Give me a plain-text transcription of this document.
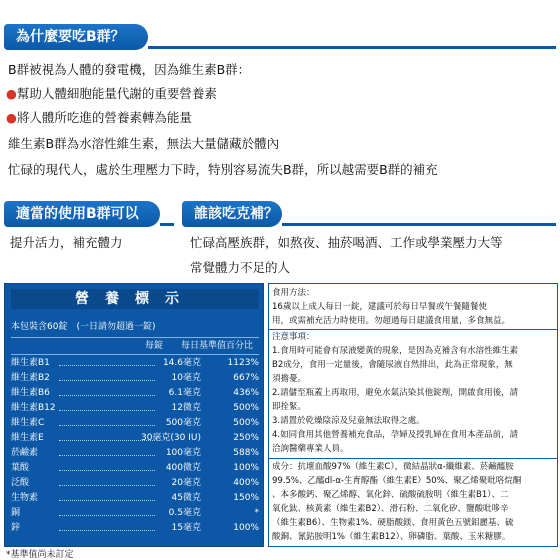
為什麼要吃B群？
B群被視為人體的發電機，因為維生素B群：
●幫助人體細胞能量代謝的重要營養素
●將人體所吃進的營養素轉為能量
維生素B群為水溶性維生素，無法大量儲藏於體內
忙碌的現代人，處於生理壓力下時，特別容易流失B群，所以越需要B群的補充
適當的使用B群可以
提升活力，補充體力
誰該吃克補？
忙碌高壓族群，如熬夜、抽菸喝酒、工作或學業壓力大等
常覺體力不足的人
營養標示
本包裝含60錠　(一日請勿超過一錠)
每錠 每日基準值百分比
維生素B1	14.6毫克	1123%
維生素B2	10毫克	667%
維生素B6	6.1毫克	436%
維生素B12	12微克	500%
維生素C	500毫克	500%
維生素E	30毫克(30 IU)	250%
菸鹼素	100毫克	588%
葉酸	400微克	100%
泛酸	20毫克	400%
生物素	45微克	150%
銅	0.5毫克	*
鋅	15毫克	100%
*基準值尚未訂定
食用方法：
16歲以上成人每日一錠，建議可於每日早餐或午餐隨餐使
用，或需補充活力時使用。勿超過每日建議食用量，多食無益。
注意事項：
1.食用時可能會有尿液變黃的現象，是因為克補含有水溶性維生素
B2成分，食用一定量後，會隨尿液自然排出，此為正常現象，無
須擔憂。
2.請儲至瓶蓋上再取用，避免水氣沾染其他錠劑，開啟食用後，請
即拴緊。
3.請置於乾燥陰涼及兒童無法取得之處。
4.如同食用其他營養補充食品，孕婦及授乳婦在食用本產品前，請
洽詢醫藥專業人員。
成分：抗壞血酸97%（維生素C），微結晶狀α-纖維素、菸鹼醯胺
99.5%、乙醯dl-α-生育醇酯（維生素E）50%、聚乙烯聚吡咯烷酮
、本多酸鈣、聚乙烯醇、氧化鋅、硫酸硫胺明（維生素B1）、二
氧化鈦、核黃素（維生素B2）、滑石粉、二氧化矽、鹽酸吡哆辛
（維生素B6）、生物素1%、硬脂酸鎂、食用黃色五號鋁麗基、硫
酸銅、氰鈷胺明1%（維生素B12）、卵磷脂、葉酸、玉米糖膠。
